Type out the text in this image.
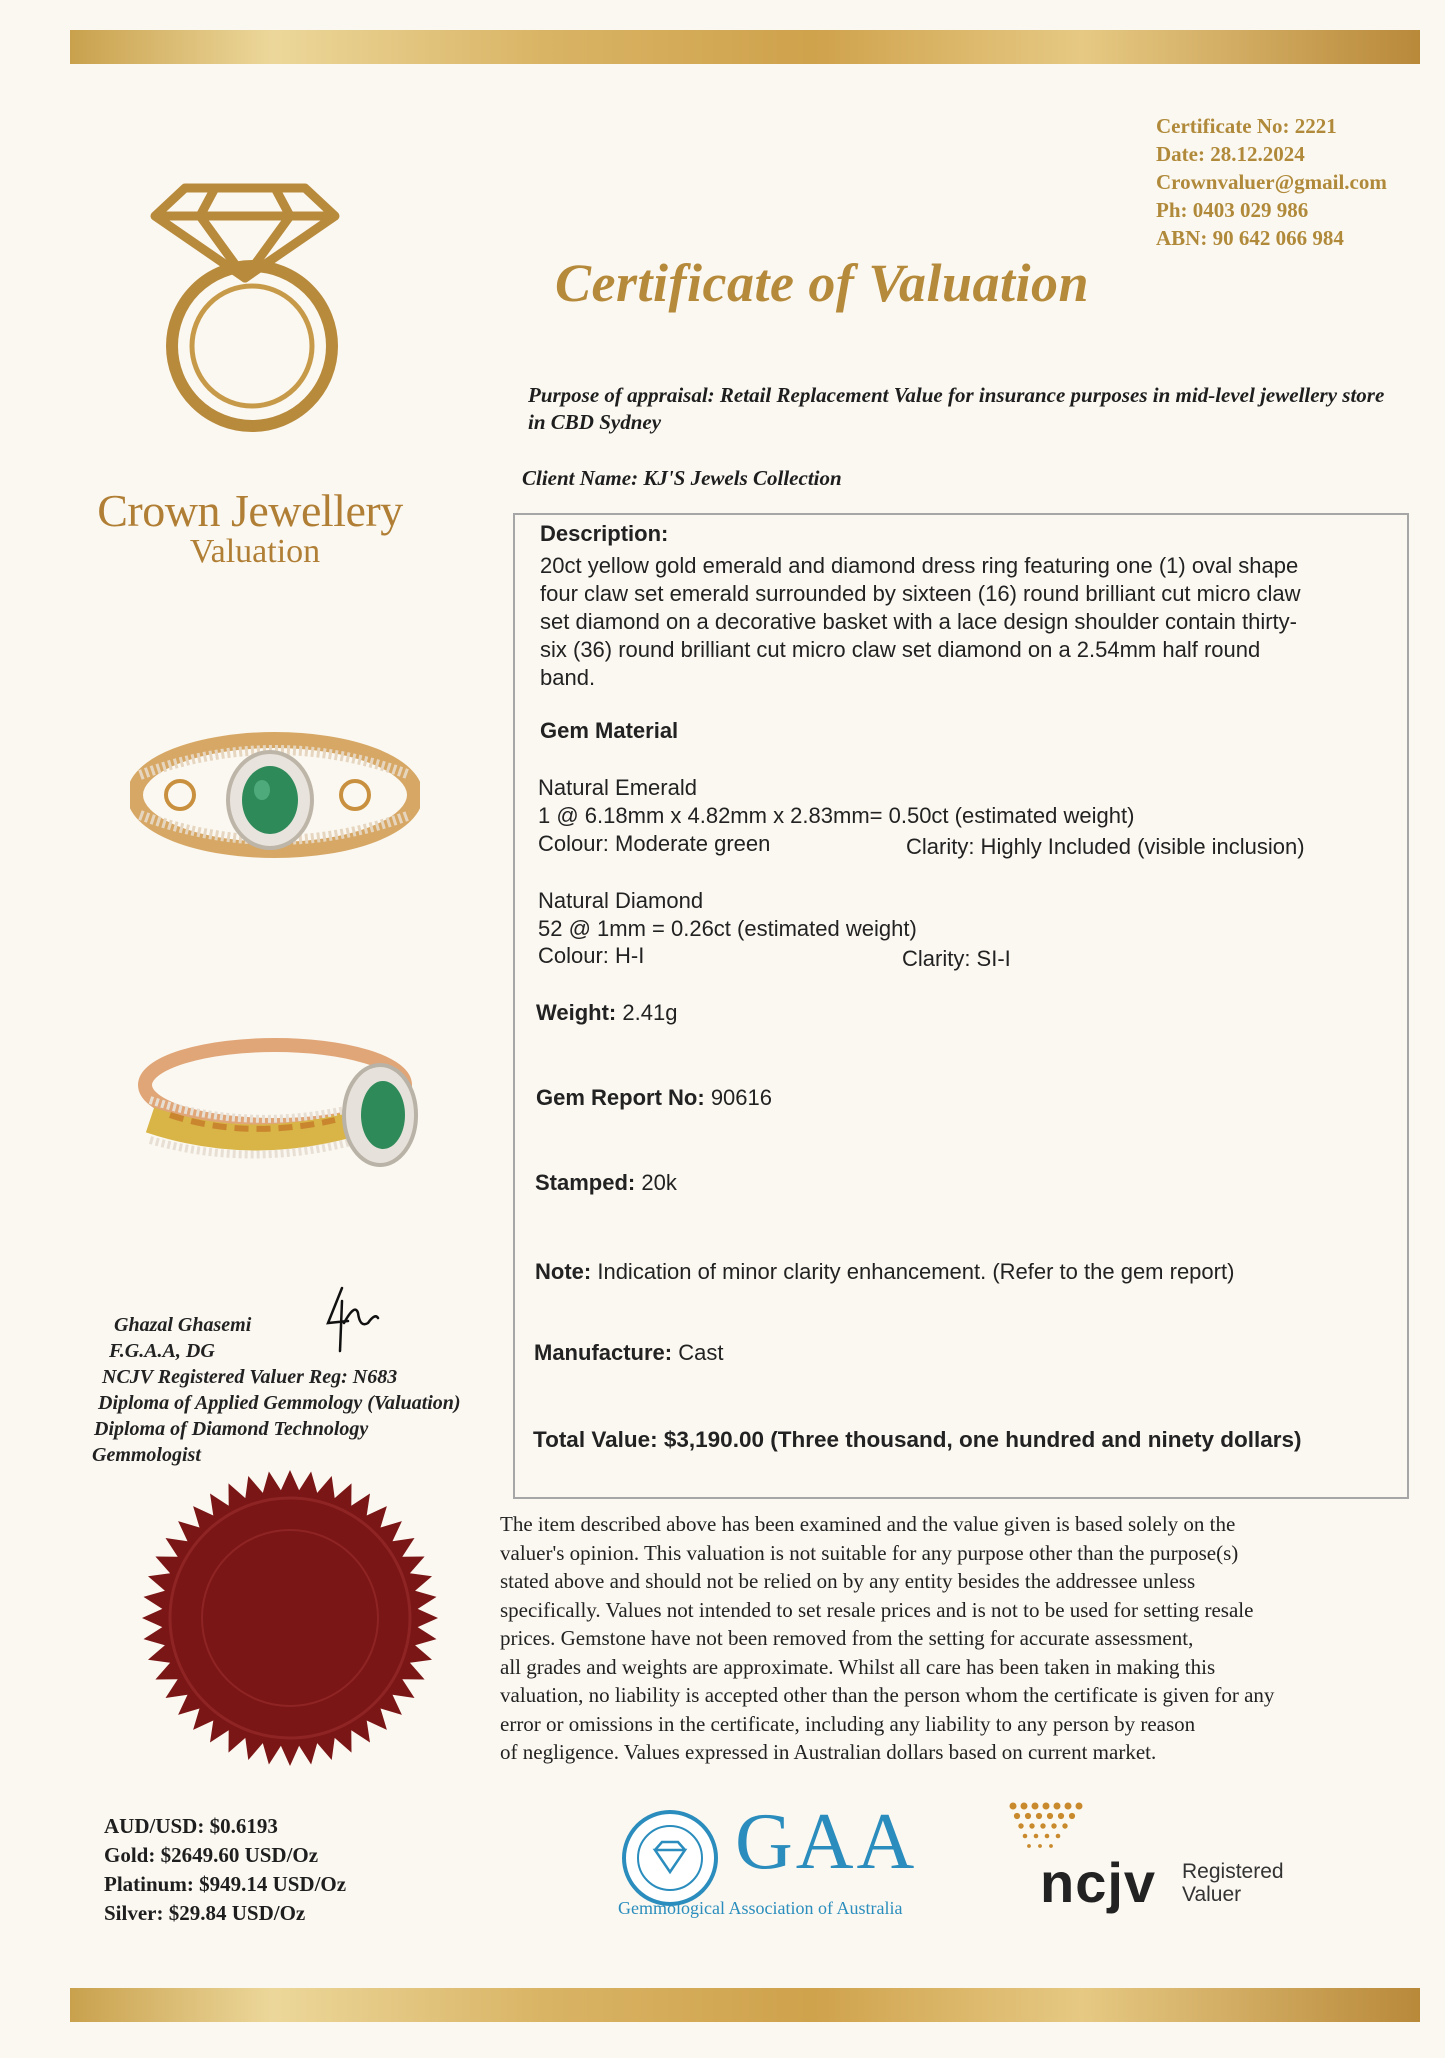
Certificate No: 2221
Date: 28.12.2024
Crownvaluer@gmail.com
Ph: 0403 029 986
ABN: 90 642 066 984
Certificate of Valuation
Crown Jewellery
Valuation
Ghazal Ghasemi
F.G.A.A, DG
NCJV Registered Valuer Reg: N683
Diploma of Applied Gemmology (Valuation)
Diploma of Diamond Technology
Gemmologist
Purpose of appraisal: Retail Replacement Value for insurance purposes in mid-level jewellery store in CBD Sydney
Client Name: KJ'S Jewels Collection
Description:
20ct yellow gold emerald and diamond dress ring featuring one (1) oval shape
four claw set emerald surrounded by sixteen (16) round brilliant cut micro claw
set diamond on a decorative basket with a lace design shoulder contain thirty-
six (36) round brilliant cut micro claw set diamond on a 2.54mm half round
band.
Gem Material
Natural Emerald
1 @ 6.18mm x 4.82mm x 2.83mm= 0.50ct (estimated weight)
Colour: Moderate green	Clarity: Highly Included (visible inclusion)
Natural Diamond
52 @ 1mm = 0.26ct (estimated weight)
Colour: H-I	Clarity: SI-I
Weight: 2.41g
Gem Report No: 90616
Stamped: 20k
Note: Indication of minor clarity enhancement. (Refer to the gem report)
Manufacture: Cast
Total Value: $3,190.00 (Three thousand, one hundred and ninety dollars)
The item described above has been examined and the value given is based solely on the
valuer's opinion. This valuation is not suitable for any purpose other than the purpose(s)
stated above and should not be relied on by any entity besides the addressee unless
specifically. Values not intended to set resale prices and is not to be used for setting resale
prices. Gemstone have not been removed from the setting for accurate assessment,
all grades and weights are approximate. Whilst all care has been taken in making this
valuation, no liability is accepted other than the person whom the certificate is given for any
error or omissions in the certificate, including any liability to any person by reason
of negligence. Values expressed in Australian dollars based on current market.
AUD/USD: $0.6193
Gold: $2649.60 USD/Oz
Platinum: $949.14 USD/Oz
Silver: $29.84 USD/Oz
GAA
Gemmological Association of Australia ncjv Registered
Valuer
